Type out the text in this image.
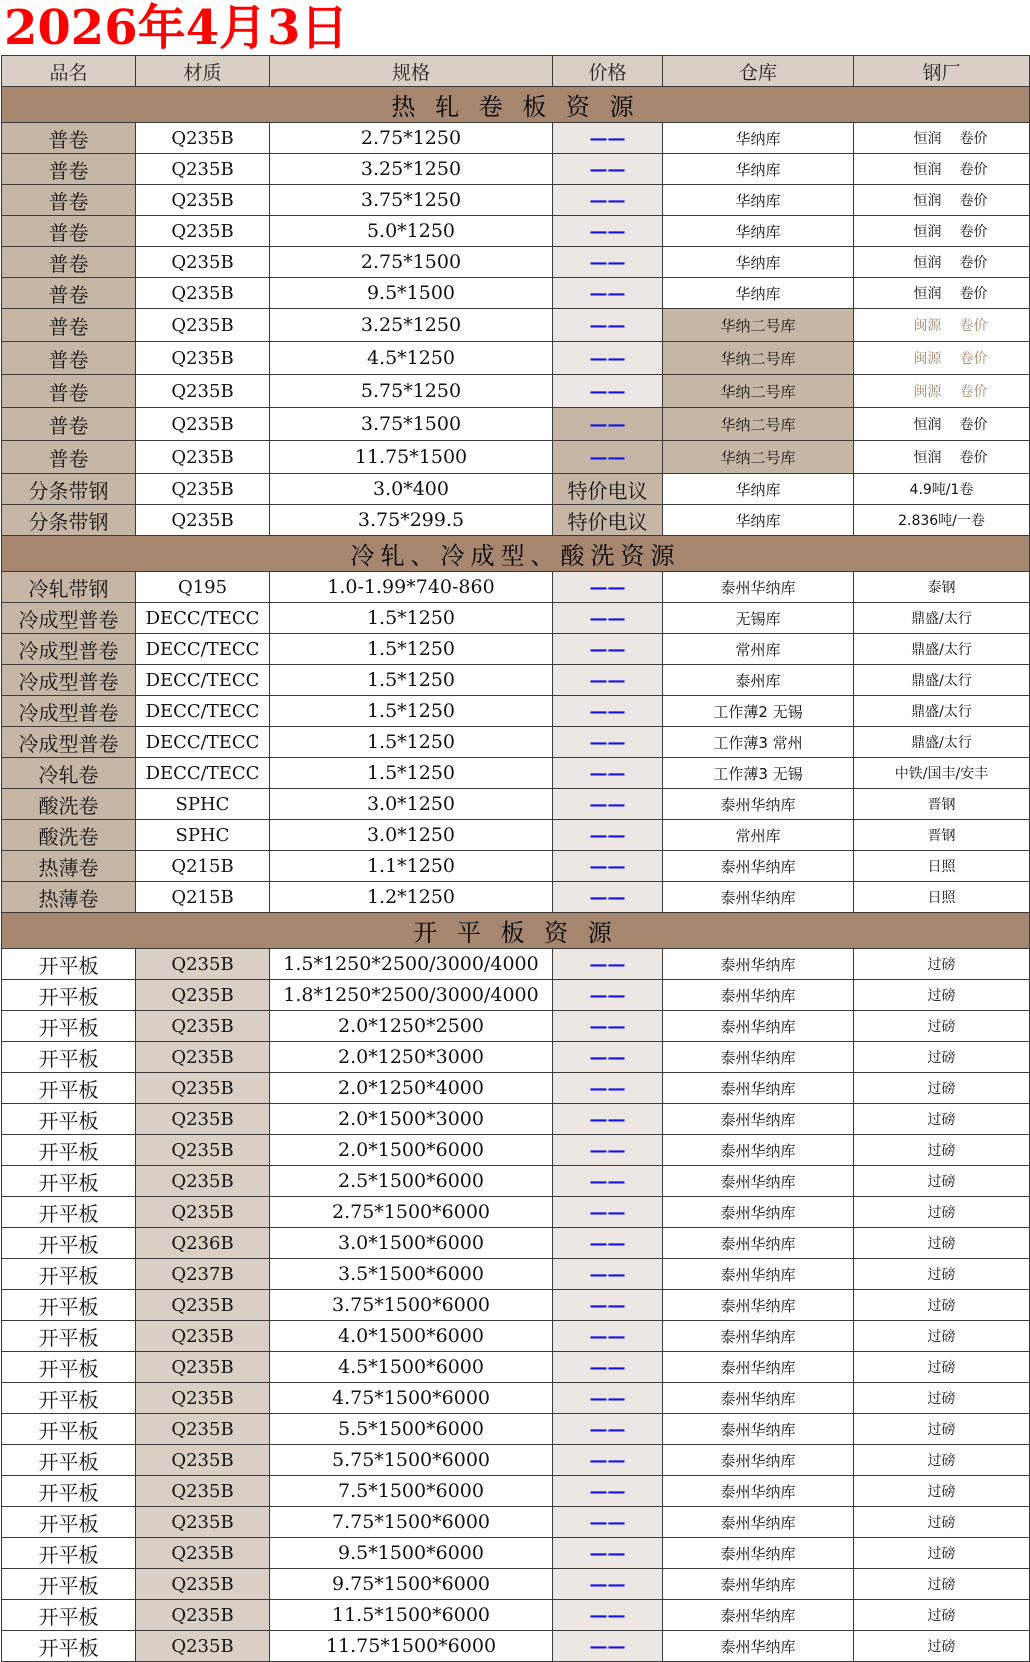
2026年4月3日
品名	材质	规格	价格	仓库	钢厂
热 轧 卷 板 资 源					
普卷	Q235B	2.75*1250	——	华纳库	恒润 卷价
普卷	Q235B	3.25*1250	——	华纳库	恒润 卷价
普卷	Q235B	3.75*1250	——	华纳库	恒润 卷价
普卷	Q235B	5.0*1250	——	华纳库	恒润 卷价
普卷	Q235B	2.75*1500	——	华纳库	恒润 卷价
普卷	Q235B	9.5*1500	——	华纳库	恒润 卷价
普卷	Q235B	3.25*1250	——	华纳二号库	闽源 卷价
普卷	Q235B	4.5*1250	——	华纳二号库	闽源 卷价
普卷	Q235B	5.75*1250	——	华纳二号库	闽源 卷价
普卷	Q235B	3.75*1500	——	华纳二号库	恒润 卷价
普卷	Q235B	11.75*1500	——	华纳二号库	恒润 卷价
分条带钢	Q235B	3.0*400	特价电议	华纳库	4.9吨/1卷
分条带钢	Q235B	3.75*299.5	特价电议	华纳库	2.836吨/一卷
冷轧、冷成型、酸洗资源					
冷轧带钢	Q195	1.0-1.99*740-860	——	泰州华纳库	泰钢
冷成型普卷	DECC/TECC	1.5*1250	——	无锡库	鼎盛/太行
冷成型普卷	DECC/TECC	1.5*1250	——	常州库	鼎盛/太行
冷成型普卷	DECC/TECC	1.5*1250	——	泰州库	鼎盛/太行
冷成型普卷	DECC/TECC	1.5*1250	——	工作薄2 无锡	鼎盛/太行
冷成型普卷	DECC/TECC	1.5*1250	——	工作薄3 常州	鼎盛/太行
冷轧卷	DECC/TECC	1.5*1250	——	工作薄3 无锡	中铁/国丰/安丰
酸洗卷	SPHC	3.0*1250	——	泰州华纳库	晋钢
酸洗卷	SPHC	3.0*1250	——	常州库	晋钢
热薄卷	Q215B	1.1*1250	——	泰州华纳库	日照
热薄卷	Q215B	1.2*1250	——	泰州华纳库	日照
开 平 板 资 源					
开平板	Q235B	1.5*1250*2500/3000/4000	——	泰州华纳库	过磅
开平板	Q235B	1.8*1250*2500/3000/4000	——	泰州华纳库	过磅
开平板	Q235B	2.0*1250*2500	——	泰州华纳库	过磅
开平板	Q235B	2.0*1250*3000	——	泰州华纳库	过磅
开平板	Q235B	2.0*1250*4000	——	泰州华纳库	过磅
开平板	Q235B	2.0*1500*3000	——	泰州华纳库	过磅
开平板	Q235B	2.0*1500*6000	——	泰州华纳库	过磅
开平板	Q235B	2.5*1500*6000	——	泰州华纳库	过磅
开平板	Q235B	2.75*1500*6000	——	泰州华纳库	过磅
开平板	Q236B	3.0*1500*6000	——	泰州华纳库	过磅
开平板	Q237B	3.5*1500*6000	——	泰州华纳库	过磅
开平板	Q235B	3.75*1500*6000	——	泰州华纳库	过磅
开平板	Q235B	4.0*1500*6000	——	泰州华纳库	过磅
开平板	Q235B	4.5*1500*6000	——	泰州华纳库	过磅
开平板	Q235B	4.75*1500*6000	——	泰州华纳库	过磅
开平板	Q235B	5.5*1500*6000	——	泰州华纳库	过磅
开平板	Q235B	5.75*1500*6000	——	泰州华纳库	过磅
开平板	Q235B	7.5*1500*6000	——	泰州华纳库	过磅
开平板	Q235B	7.75*1500*6000	——	泰州华纳库	过磅
开平板	Q235B	9.5*1500*6000	——	泰州华纳库	过磅
开平板	Q235B	9.75*1500*6000	——	泰州华纳库	过磅
开平板	Q235B	11.5*1500*6000	——	泰州华纳库	过磅
开平板	Q235B	11.75*1500*6000	——	泰州华纳库	过磅
